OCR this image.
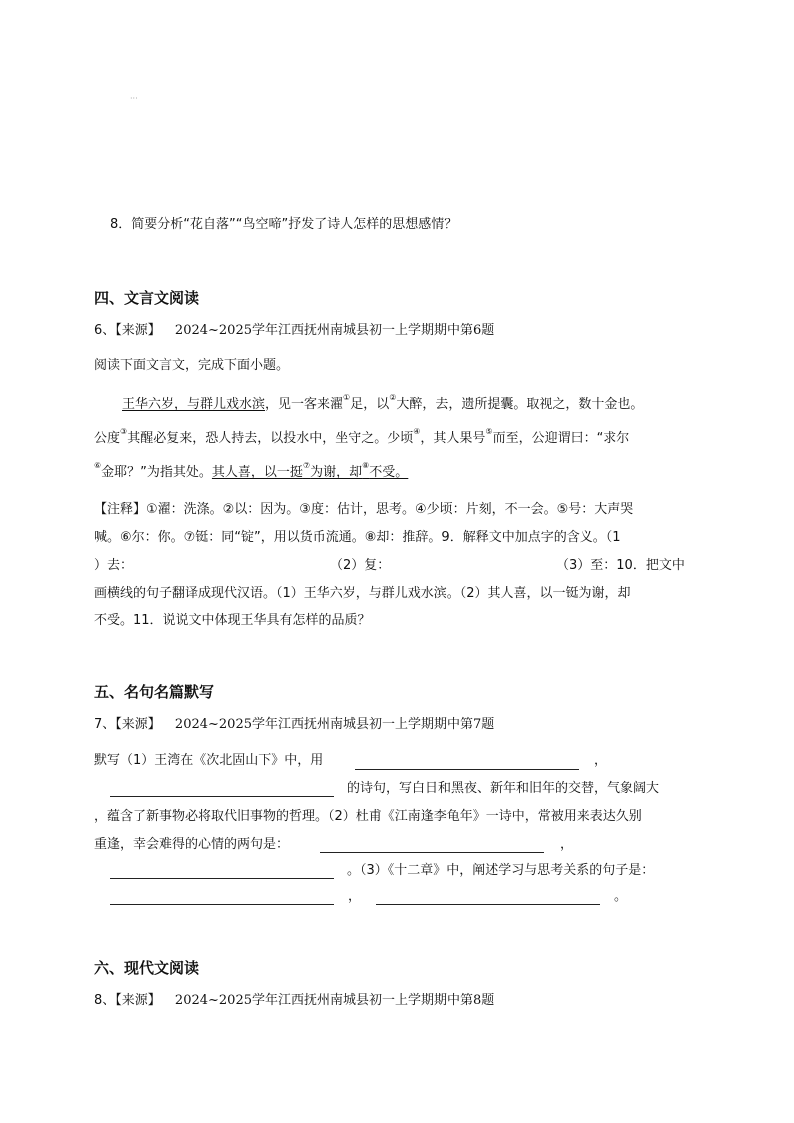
···
8．简要分析“花自落”“鸟空啼”抒发了诗人怎样的思想感情？
四、文言文阅读
6、【来源】 2024~2025学年江西抚州南城县初一上学期期中第6题
阅读下面文言文，完成下面小题。
王华六岁，与群儿戏水滨，见一客来濯①足，以②大醉，去，遗所提囊。取视之，数十金也。
公度③其醒必复来，恐人持去，以投水中，坐守之。少顷④，其人果号⑤而至，公迎谓曰：“求尔
⑥金耶？”为指其处。其人喜，以一挺⑦为谢，却⑧不受。
【注释】①濯：洗涤。②以：因为。③度：估计，思考。④少顷：片刻，不一会。⑤号：大声哭
喊。⑥尔：你。⑦铤：同“锭”，用以货币流通。⑧却：推辞。9．解释文中加点字的含义。（1
）去：	（2）复：	（3）至：10．把文中
画横线的句子翻译成现代汉语。（1）王华六岁，与群儿戏水滨。（2）其人喜，以一铤为谢，却
不受。11．说说文中体现王华具有怎样的品质？
五、名句名篇默写
7、【来源】 2024~2025学年江西抚州南城县初一上学期期中第7题
默写（1）王湾在《次北固山下》中，用	，
的诗句，写白日和黑夜、新年和旧年的交替，气象阔大
，蕴含了新事物必将取代旧事物的哲理。（2）杜甫《江南逢李龟年》一诗中，常被用来表达久别
重逢，幸会难得的心情的两句是：	，
。（3）《十二章》中，阐述学习与思考关系的句子是：
，	。
六、现代文阅读
8、【来源】 2024~2025学年江西抚州南城县初一上学期期中第8题
